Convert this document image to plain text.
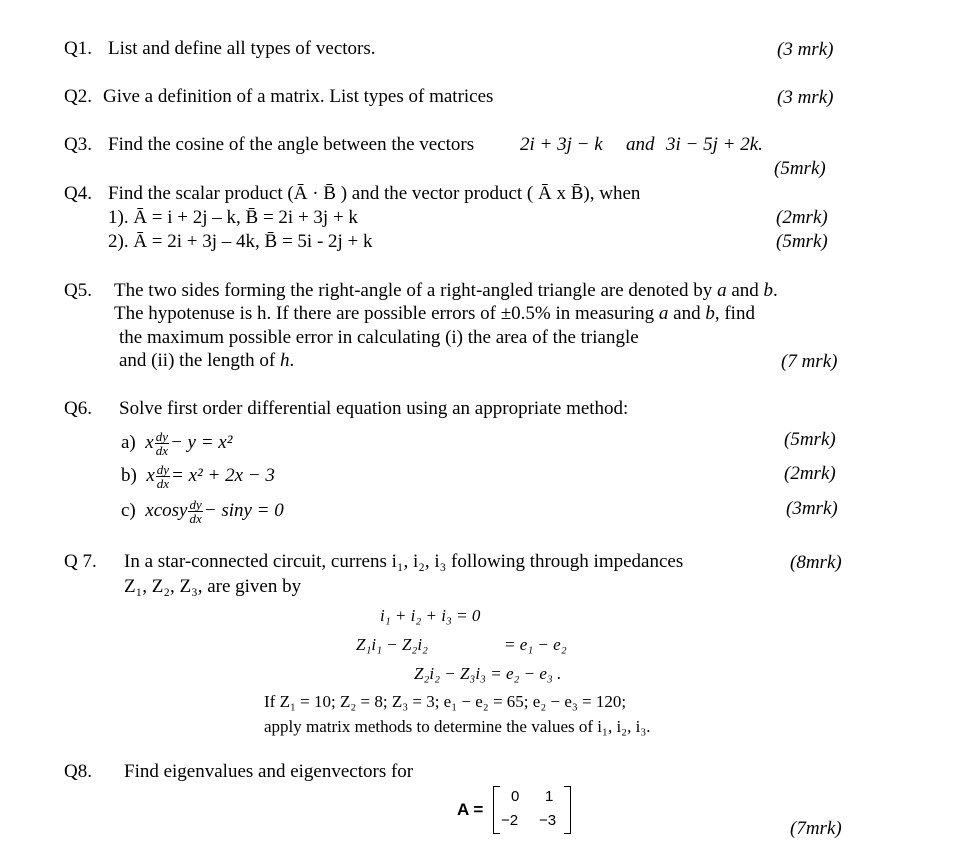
Q1. List and define all types of vectors.	(3 mrk)
Q2. Give a definition of a matrix. List types of matrices	(3 mrk)
Q3. Find the cosine of the angle between the vectors 2i + 3j − k and 3i − 5j + 2k.
(5mrk)
Q4. Find the scalar product (Ā · B̄ ) and the vector product ( Ā x B̄), when
1). Ā = i + 2j – k, B̄ = 2i + 3j + k	(2mrk)
2). Ā = 2i + 3j – 4k, B̄ = 5i - 2j + k	(5mrk)
Q5. The two sides forming the right-angle of a right-angled triangle are denoted by a and b.
The hypotenuse is h. If there are possible errors of ±0.5% in measuring a and b, find
the maximum possible error in calculating (i) the area of the triangle
and (ii) the length of h.	(7 mrk)
Q6. Solve first order differential equation using an appropriate method:
a) x $\frac{dy}{dx} - y = x^2$	(5mrk)
b) x $\frac{dy}{dx} = x^2 + 2x - 3$	(2mrk)
c) xcosy $\frac{dy}{dx} - \sin y = 0$	(3mrk)
Q 7. In a star-connected circuit, currens i₁, i₂, i₃ following through impedances	(8mrk)
Z₁, Z₂, Z₃, are given by
i₁ + i₂ + i₃ = 0
Z₁i₁ − Z₂i₂	= e₁ − e₂
Z₂i₂ − Z₃i₃ = e₂ − e₃ .
If Z₁ = 10; Z₂ = 8; Z₃ = 3; e₁ − e₂ = 65; e₂ − e₃ = 120;
apply matrix methods to determine the values of i₁, i₂, i₃.
Q8. Find eigenvalues and eigenvectors for
A =
0 1
−2 −3	(7mrk)
